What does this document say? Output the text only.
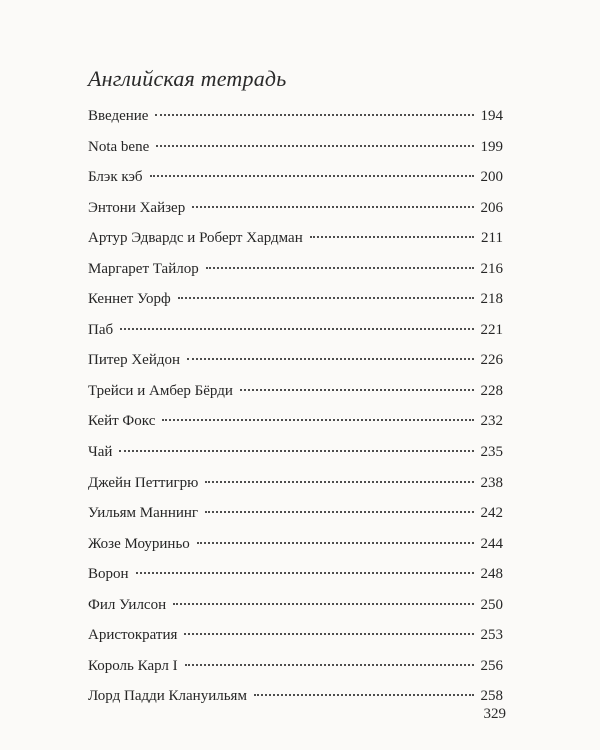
Английская тетрадь
Введение	194
Nota bene	199
Блэк кэб	200
Энтони Хайзер	206
Артур Эдвардс и Роберт Хардман	211
Маргарет Тайлор	216
Кеннет Уорф	218
Паб	221
Питер Хейдон	226
Трейси и Амбер Бёрди	228
Кейт Фокс	232
Чай	235
Джейн Петтигрю	238
Уильям Маннинг	242
Жозе Моуриньо	244
Ворон	248
Фил Уилсон	250
Аристократия	253
Король Карл I	256
Лорд Падди Клануильям	258
329
